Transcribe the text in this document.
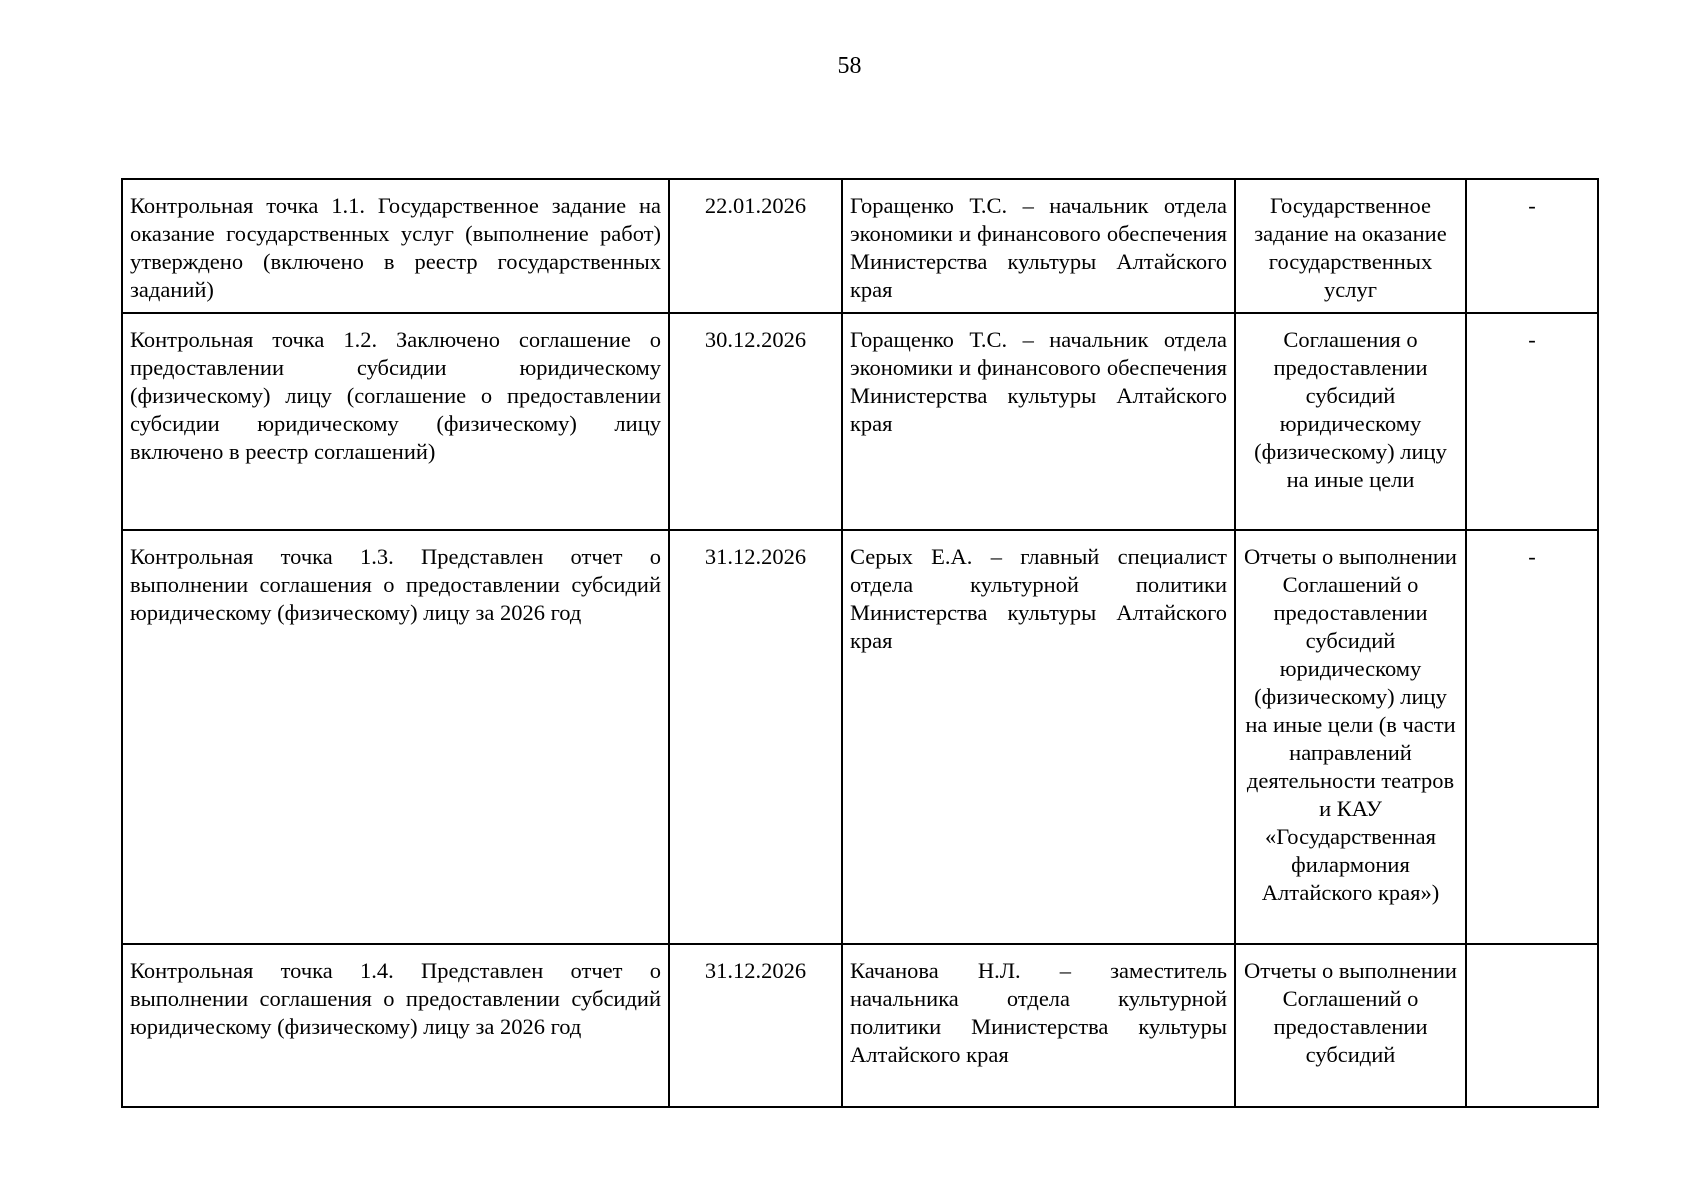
58
Контрольная точка 1.1. Государственное задание на оказание государственных услуг (выполнение работ) утверждено (включено в реестр государственных заданий)	22.01.2026	Горащенко Т.С. – начальник отдела экономики и финансового обеспечения Министерства культуры Алтайского края	Государственное задание на оказание государственных услуг	-
Контрольная точка 1.2. Заключено соглашение о предоставлении субсидии юридическому (физическому) лицу (соглашение о предоставлении субсидии юридическому (физическому) лицу включено в реестр соглашений)	30.12.2026	Горащенко Т.С. – начальник отдела экономики и финансового обеспечения Министерства культуры Алтайского края	Соглашения о предоставлении субсидий юридическому (физическому) лицу на иные цели	-
Контрольная точка 1.3. Представлен отчет о выполнении соглашения о предоставлении субсидий юридическому (физическому) лицу за 2026 год	31.12.2026	Серых Е.А. – главный специалист отдела культурной политики Министерства культуры Алтайского края	Отчеты о выполнении Соглашений о предоставлении субсидий юридическому (физическому) лицу на иные цели (в части направлений деятельности театров и КАУ «Государственная филармония Алтайского края»)	-
Контрольная точка 1.4. Представлен отчет о выполнении соглашения о предоставлении субсидий юридическому (физическому) лицу за 2026 год	31.12.2026	Качанова Н.Л. – заместитель начальника отдела культурной политики Министерства культуры Алтайского края	Отчеты о выполнении Соглашений о предоставлении субсидий	
